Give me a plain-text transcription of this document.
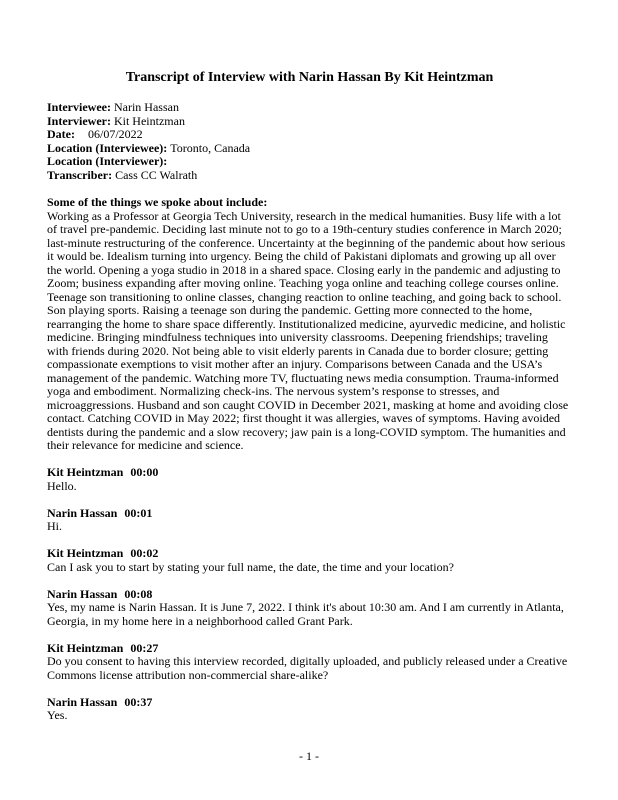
Transcript of Interview with Narin Hassan By Kit Heintzman
Interviewee: Narin Hassan
Interviewer: Kit Heintzman
Date: 06/07/2022
Location (Interviewee): Toronto, Canada
Location (Interviewer):
Transcriber: Cass CC Walrath
Some of the things we spoke about include:

Working as a Professor at Georgia Tech University, research in the medical humanities. Busy life with a lot of travel pre-pandemic. Deciding last minute not to go to a 19th-century studies conference in March 2020; last-minute restructuring of the conference. Uncertainty at the beginning of the pandemic about how serious it would be. Idealism turning into urgency. Being the child of Pakistani diplomats and growing up all over the world. Opening a yoga studio in 2018 in a shared space. Closing early in the pandemic and adjusting to Zoom; business expanding after moving online. Teaching yoga online and teaching college courses online. Teenage son transitioning to online classes, changing reaction to online teaching, and going back to school. Son playing sports. Raising a teenage son during the pandemic. Getting more connected to the home, rearranging the home to share space differently. Institutionalized medicine, ayurvedic medicine, and holistic medicine. Bringing mindfulness techniques into university classrooms. Deepening friendships; traveling with friends during 2020. Not being able to visit elderly parents in Canada due to border closure; getting compassionate exemptions to visit mother after an injury. Comparisons between Canada and the USA’s management of the pandemic. Watching more TV, fluctuating news media consumption. Trauma-informed yoga and embodiment. Normalizing check-ins. The nervous system’s response to stresses, and microaggressions. Husband and son caught COVID in December 2021, masking at home and avoiding close contact. Catching COVID in May 2022; first thought it was allergies, waves of symptoms. Having avoided dentists during the pandemic and a slow recovery; jaw pain is a long-COVID symptom. The humanities and their relevance for medicine and science.

Kit Heintzman 00:00

Hello.

Narin Hassan 00:01

Hi.

Kit Heintzman 00:02

Can I ask you to start by stating your full name, the date, the time and your location?

Narin Hassan 00:08

Yes, my name is Narin Hassan. It is June 7, 2022. I think it's about 10:30 am. And I am currently in Atlanta, Georgia, in my home here in a neighborhood called Grant Park.

Kit Heintzman 00:27

Do you consent to having this interview recorded, digitally uploaded, and publicly released under a Creative Commons license attribution non-commercial share-alike?

Narin Hassan 00:37

Yes.

- 1 -
